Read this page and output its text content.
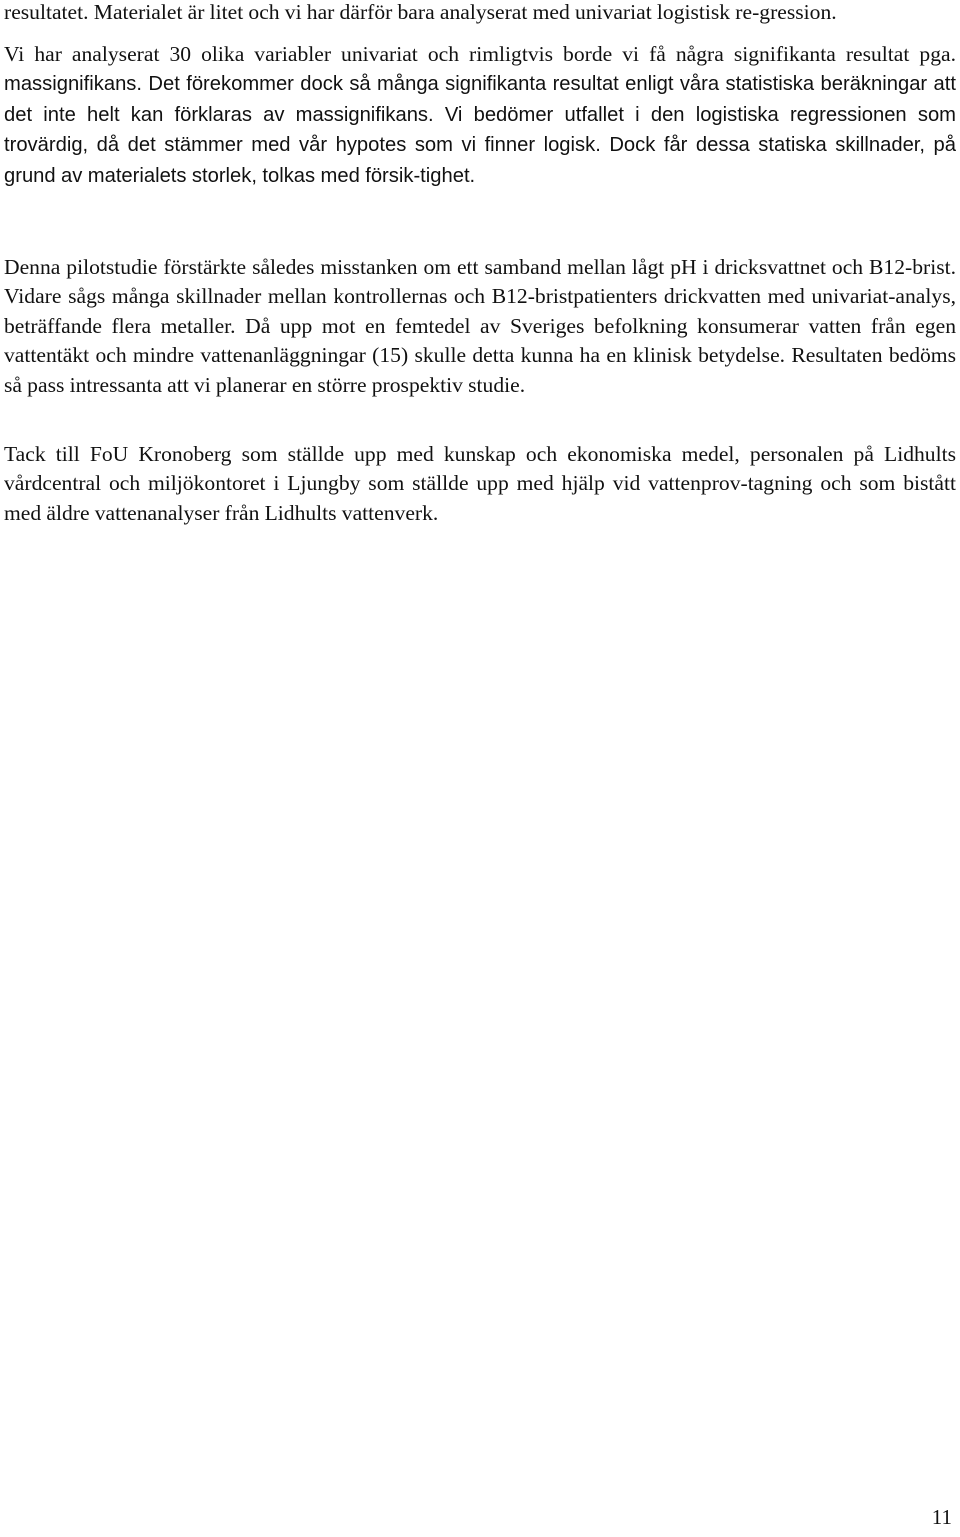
resultatet. Materialet är litet och vi har därför bara analyserat med univariat logistisk re-gression.

Vi har analyserat 30 olika variabler univariat och rimligtvis borde vi få några signifikanta resultat pga. massignifikans. Det förekommer dock så många signifikanta resultat enligt våra statistiska beräkningar att det inte helt kan förklaras av massignifikans. Vi bedömer utfallet i den logistiska regressionen som trovärdig, då det stämmer med vår hypotes som vi finner logisk. Dock får dessa statiska skillnader, på grund av materialets storlek, tolkas med försik-tighet.

Denna pilotstudie förstärkte således misstanken om ett samband mellan lågt pH i dricksvattnet och B12-brist. Vidare sågs många skillnader mellan kontrollernas och B12-bristpatienters drickvatten med univariat-analys, beträffande flera metaller. Då upp mot en femtedel av Sveriges befolkning konsumerar vatten från egen vattentäkt och mindre vattenanläggningar (15) skulle detta kunna ha en klinisk betydelse. Resultaten bedöms så pass intressanta att vi planerar en större prospektiv studie.

Tack till FoU Kronoberg som ställde upp med kunskap och ekonomiska medel, personalen på Lidhults vårdcentral och miljökontoret i Ljungby som ställde upp med hjälp vid vattenprov-tagning och som bistått med äldre vattenanalyser från Lidhults vattenverk.

11
